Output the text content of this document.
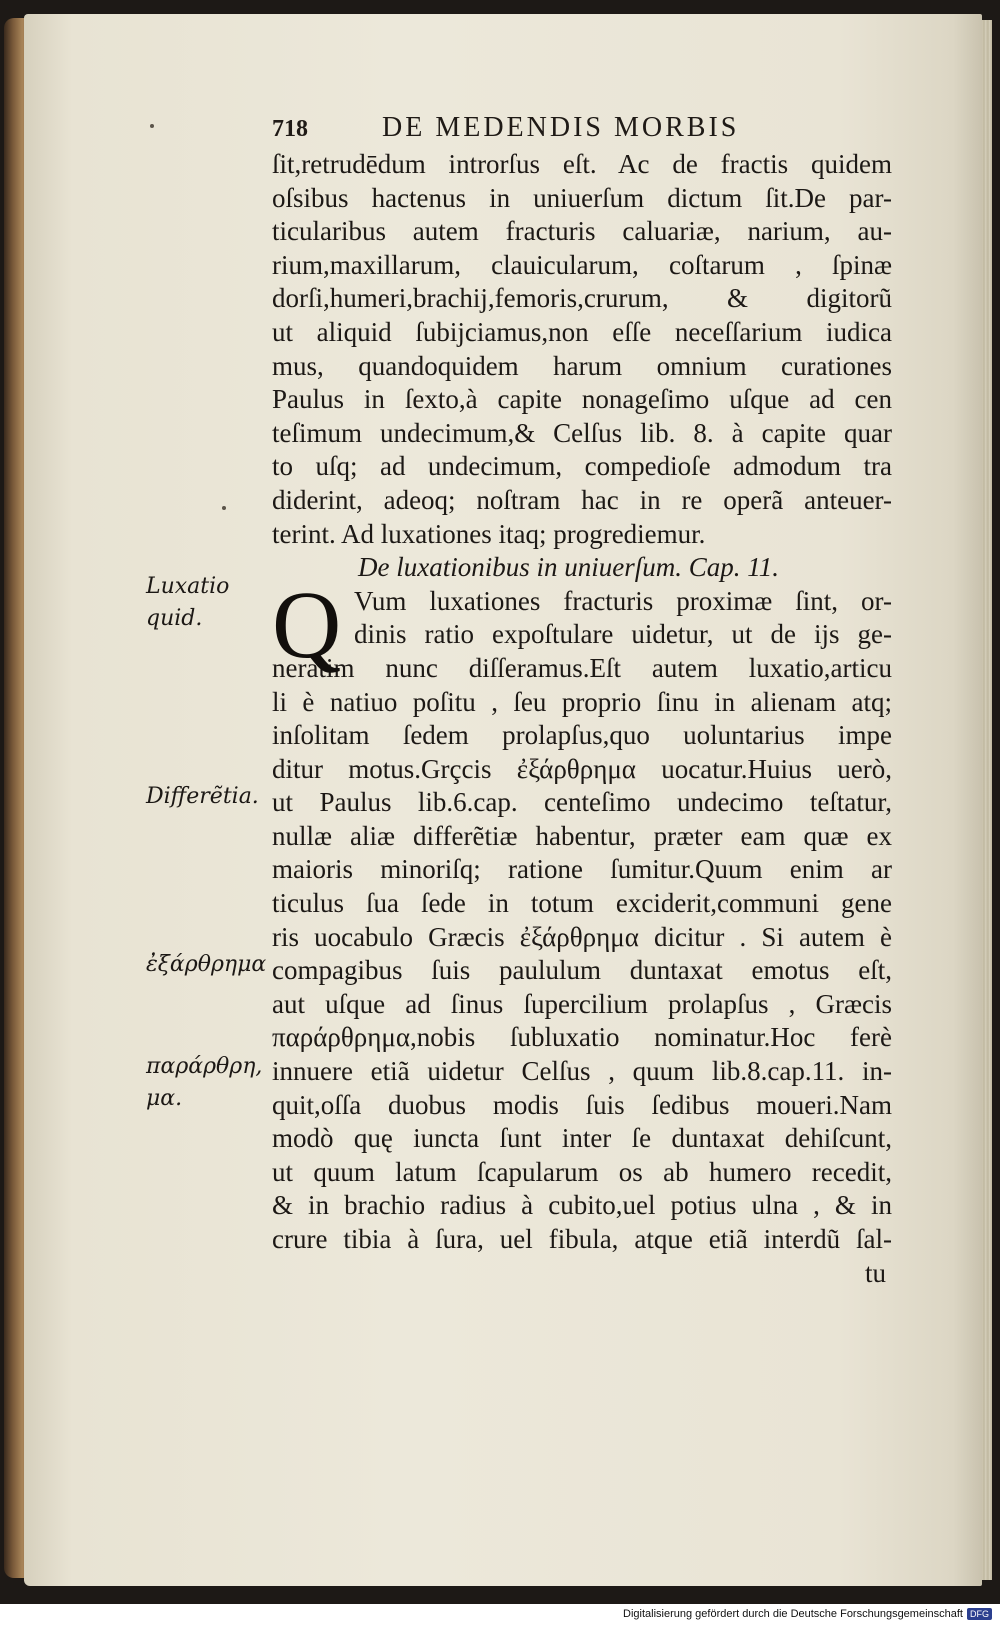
718	DE MEDENDIS MORBIS
ſit,retrudēdum introrſus eſt. Ac de fractis quidem
oſsibus hactenus in uniuerſum dictum ſit.De par-
ticularibus autem fracturis caluariæ, narium, au-
rium,maxillarum, clauicularum, coſtarum , ſpinæ
dorſi,humeri,brachij,femoris,crurum, & digitorũ
ut aliquid ſubijciamus,non eſſe neceſſarium iudica
mus, quandoquidem harum omnium curationes
Paulus in ſexto,à capite nonageſimo uſque ad cen
teſimum undecimum,& Celſus lib. 8. à capite quar
to uſq; ad undecimum, compedioſe admodum tra
diderint, adeoq; noſtram hac in re operã anteuer-
terint. Ad luxationes itaq; progrediemur.
De luxationibus in uniuerſum. Cap. 11.
Q Vum luxationes fracturis proximæ ſint, or-
dinis ratio expoſtulare uidetur, ut de ijs ge-
neratim nunc diſſeramus.Eſt autem luxatio,articu
li è natiuo poſitu , ſeu proprio ſinu in alienam atq;
inſolitam ſedem prolapſus,quo uoluntarius impe
ditur motus.Grçcis ἐξάρθρημα uocatur.Huius uerò,
ut Paulus lib.6.cap. centeſimo undecimo teſtatur,
nullæ aliæ differẽtiæ habentur, præter eam quæ ex
maioris minoriſq; ratione ſumitur.Quum enim ar
ticulus ſua ſede in totum exciderit,communi gene
ris uocabulo Græcis ἐξάρθρημα dicitur . Si autem è
compagibus ſuis paululum duntaxat emotus eſt,
aut uſque ad ſinus ſupercilium prolapſus , Græcis
παράρθρημα,nobis ſubluxatio nominatur.Hoc ferè
innuere etiã uidetur Celſus , quum lib.8.cap.11. in-
quit,oſſa duobus modis ſuis ſedibus moueri.Nam
modò quę iuncta ſunt inter ſe duntaxat dehiſcunt,
ut quum latum ſcapularum os ab humero recedit,
& in brachio radius à cubito,uel potius ulna , & in
crure tibia à ſura, uel fibula, atque etiã interdũ ſal-
tu
Luxatio
quid.
Differẽtia.
ἐξάρθρημα
παράρθρη,
μα.
Digitalisierung gefördert durch die Deutsche Forschungsgemeinschaft DFG
